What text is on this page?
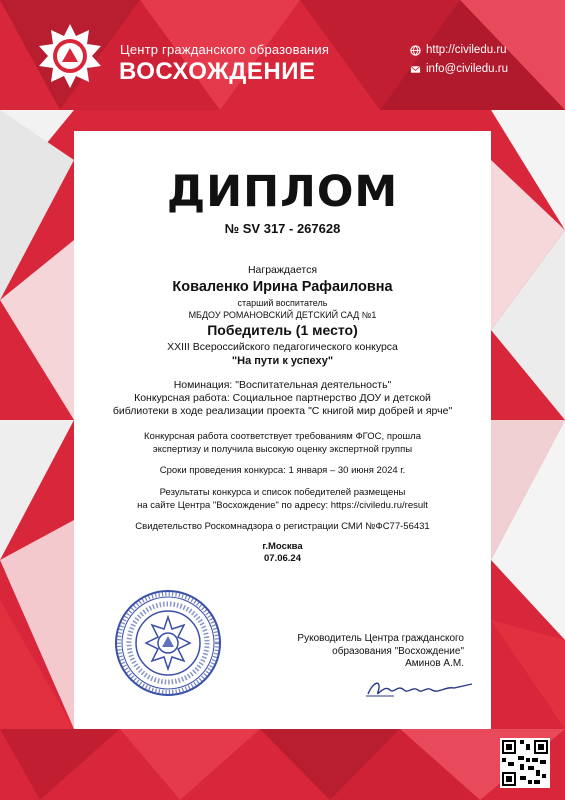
Центр гражданского образования
ВОСХОЖДЕНИЕ
http://civiledu.ru
info@civiledu.ru
ДИПЛОМ
№ SV 317 - 267628
Награждается
Коваленко Ирина Рафаиловна
старший воспитатель
МБДОУ РОМАНОВСКИЙ ДЕТСКИЙ САД №1
Победитель (1 место)
XXIII Всероссийского педагогического конкурса
"На пути к успеху"
Номинация: "Воспитательная деятельность"
Конкурсная работа: Социальное партнерство ДОУ и детской
библиотеки в ходе реализации проекта "С книгой мир добрей и ярче"
Конкурсная работа соответствует требованиям ФГОС, прошла
экспертизу и получила высокую оценку экспертной группы
Сроки проведения конкурса: 1 января – 30 июня 2024 г.
Результаты конкурса и список победителей размещены
на сайте Центра "Восхождение" по адресу: https://civiledu.ru/result
Свидетельство Роскомнадзора о регистрации СМИ №ФС77-56431
г.Москва
07.06.24
Руководитель Центра гражданского
образования "Восхождение"
Аминов А.М.
